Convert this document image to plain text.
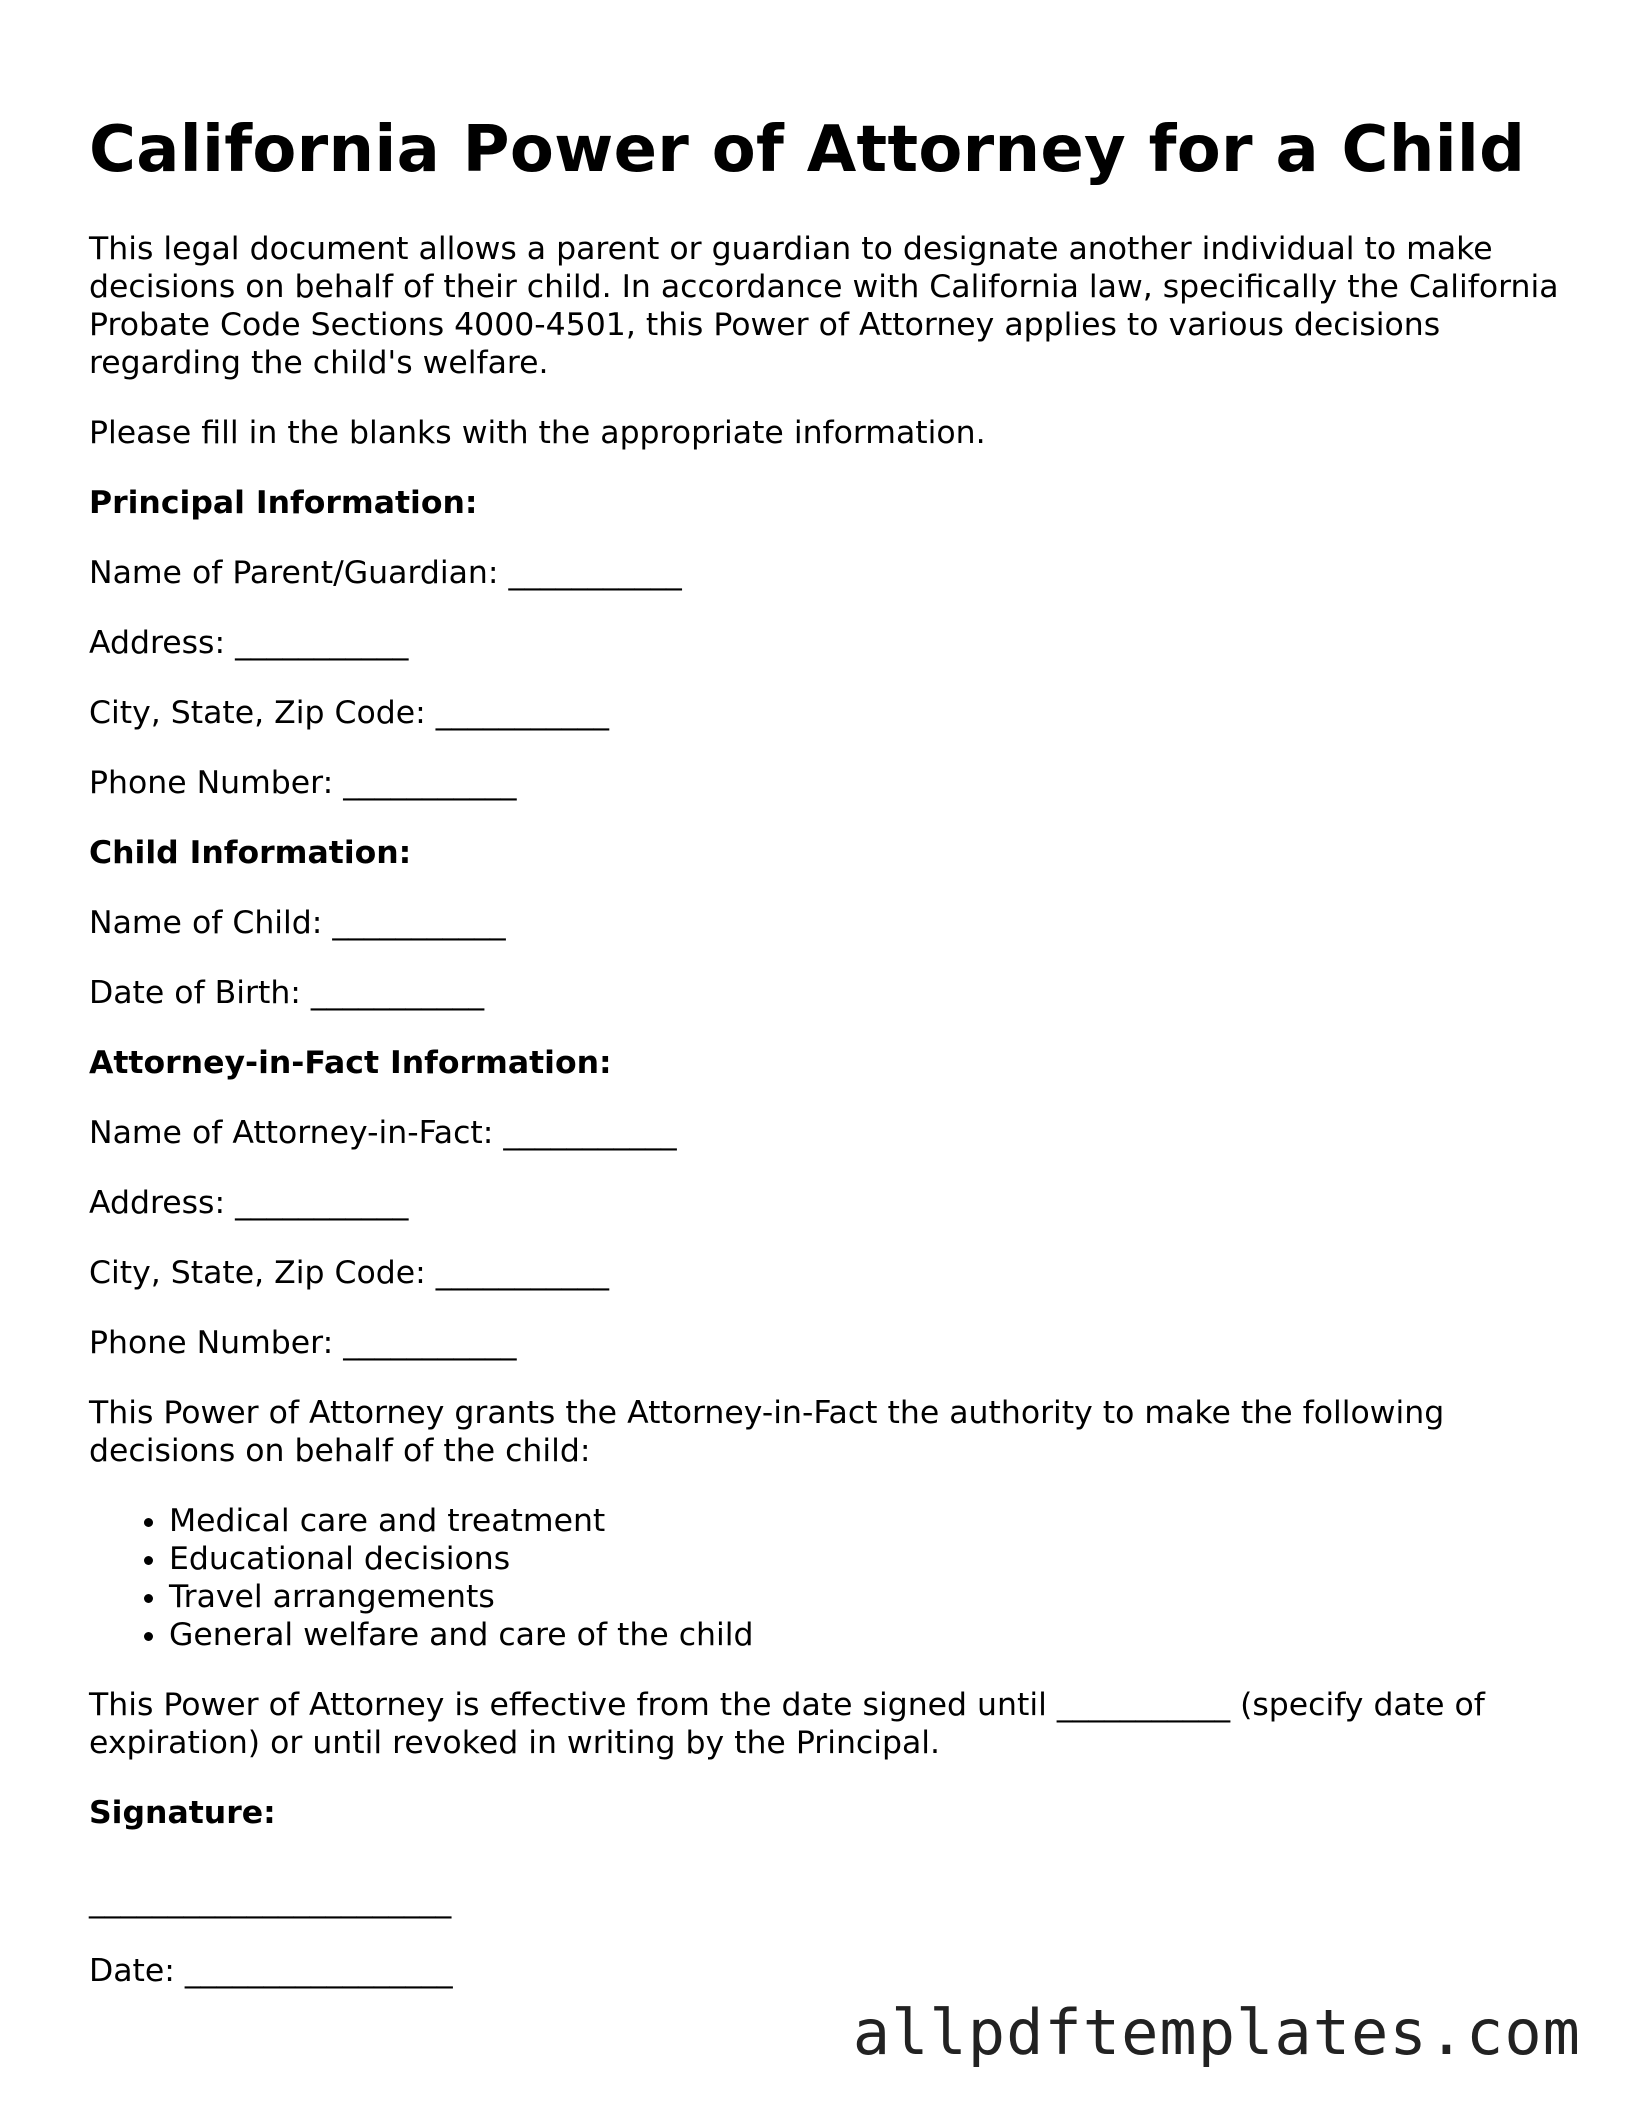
California Power of Attorney for a Child

This legal document allows a parent or guardian to designate another individual to make decisions on behalf of their child. In accordance with California law, specifically the California Probate Code Sections 4000-4501, this Power of Attorney applies to various decisions regarding the child's welfare.

Please fill in the blanks with the appropriate information.

Principal Information:

Name of Parent/Guardian: ___________

Address: ___________

City, State, Zip Code: ___________

Phone Number: ___________

Child Information:

Name of Child: ___________

Date of Birth: ___________

Attorney-in-Fact Information:

Name of Attorney-in-Fact: ___________

Address: ___________

City, State, Zip Code: ___________

Phone Number: ___________

This Power of Attorney grants the Attorney-in-Fact the authority to make the following decisions on behalf of the child:

• Medical care and treatment
• Educational decisions
• Travel arrangements
• General welfare and care of the child

This Power of Attorney is effective from the date signed until ___________ (specify date of expiration) or until revoked in writing by the Principal.

Signature:

_______________________

Date: _________________

allpdftemplates.com
